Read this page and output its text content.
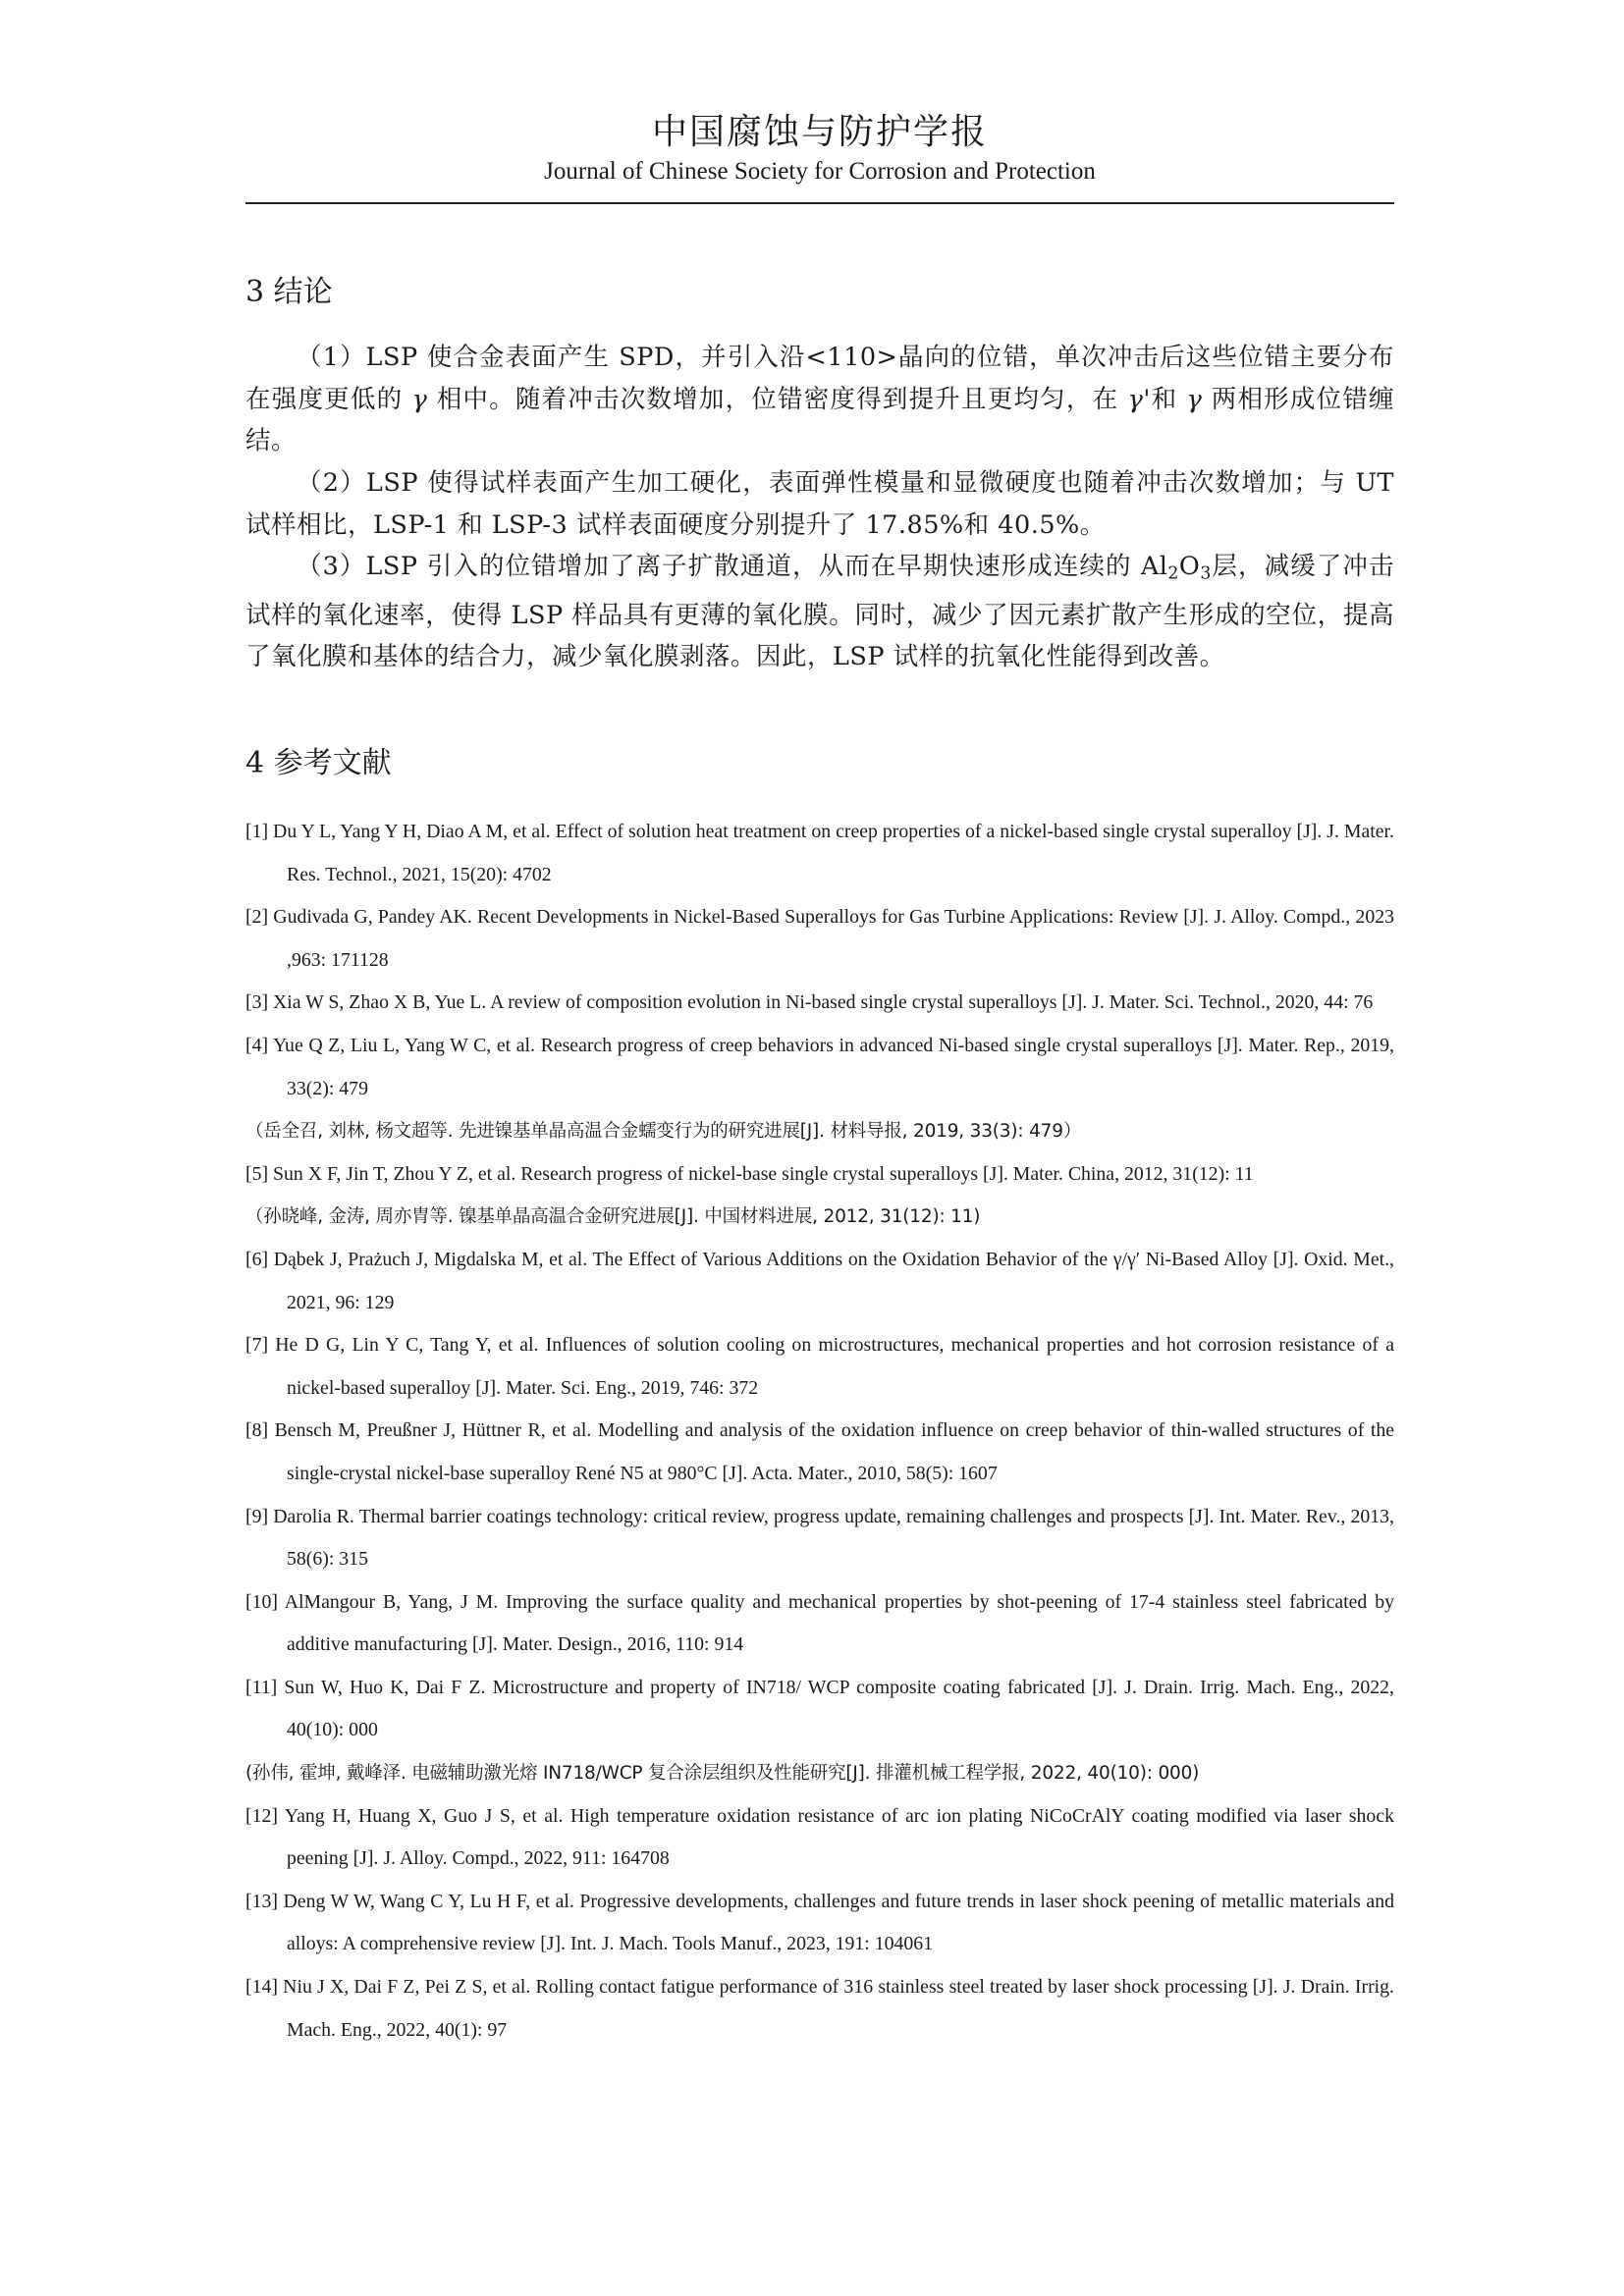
中国腐蚀与防护学报
Journal of Chinese Society for Corrosion and Protection
3 结论
（1）LSP 使合金表面产生 SPD，并引入沿<110>晶向的位错，单次冲击后这些位错主要分布在强度更低的 γ 相中。随着冲击次数增加，位错密度得到提升且更均匀，在 γ'和 γ 两相形成位错缠结。
（2）LSP 使得试样表面产生加工硬化，表面弹性模量和显微硬度也随着冲击次数增加；与 UT 试样相比，LSP-1 和 LSP-3 试样表面硬度分别提升了 17.85%和 40.5%。
（3）LSP 引入的位错增加了离子扩散通道，从而在早期快速形成连续的 $Al_2O_3$层，减缓了冲击试样的氧化速率，使得 LSP 样品具有更薄的氧化膜。同时，减少了因元素扩散产生形成的空位，提高了氧化膜和基体的结合力，减少氧化膜剥落。因此，LSP 试样的抗氧化性能得到改善。
4 参考文献
[1] Du Y L, Yang Y H, Diao A M, et al. Effect of solution heat treatment on creep properties of a nickel-based single crystal superalloy [J]. J. Mater. Res. Technol., 2021, 15(20): 4702
[2] Gudivada G, Pandey AK. Recent Developments in Nickel-Based Superalloys for Gas Turbine Applications: Review [J]. J. Alloy. Compd., 2023 ,963: 171128
[3] Xia W S, Zhao X B, Yue L. A review of composition evolution in Ni-based single crystal superalloys [J]. J. Mater. Sci. Technol., 2020, 44: 76
[4] Yue Q Z, Liu L, Yang W C, et al. Research progress of creep behaviors in advanced Ni-based single crystal superalloys [J]. Mater. Rep., 2019, 33(2): 479
（岳全召, 刘林, 杨文超等. 先进镍基单晶高温合金蠕变行为的研究进展[J]. 材料导报, 2019, 33(3): 479）
[5] Sun X F, Jin T, Zhou Y Z, et al. Research progress of nickel-base single crystal superalloys [J]. Mater. China, 2012, 31(12): 11
（孙晓峰, 金涛, 周亦胄等. 镍基单晶高温合金研究进展[J]. 中国材料进展, 2012, 31(12): 11)
[6] Dąbek J, Prażuch J, Migdalska M, et al. The Effect of Various Additions on the Oxidation Behavior of the γ/γ′ Ni-Based Alloy [J]. Oxid. Met., 2021, 96: 129
[7] He D G, Lin Y C, Tang Y, et al. Influences of solution cooling on microstructures, mechanical properties and hot corrosion resistance of a nickel-based superalloy [J]. Mater. Sci. Eng., 2019, 746: 372
[8] Bensch M, Preußner J, Hüttner R, et al. Modelling and analysis of the oxidation influence on creep behavior of thin-walled structures of the single-crystal nickel-base superalloy René N5 at 980°C [J]. Acta. Mater., 2010, 58(5): 1607
[9] Darolia R. Thermal barrier coatings technology: critical review, progress update, remaining challenges and prospects [J]. Int. Mater. Rev., 2013, 58(6): 315
[10] AlMangour B, Yang, J M. Improving the surface quality and mechanical properties by shot-peening of 17-4 stainless steel fabricated by additive manufacturing [J]. Mater. Design., 2016, 110: 914
[11] Sun W, Huo K, Dai F Z. Microstructure and property of IN718/ WCP composite coating fabricated [J]. J. Drain. Irrig. Mach. Eng., 2022, 40(10): 000
(孙伟, 霍坤, 戴峰泽. 电磁辅助激光熔 IN718/WCP 复合涂层组织及性能研究[J]. 排灌机械工程学报, 2022, 40(10): 000)
[12] Yang H, Huang X, Guo J S, et al. High temperature oxidation resistance of arc ion plating NiCoCrAlY coating modified via laser shock peening [J]. J. Alloy. Compd., 2022, 911: 164708
[13] Deng W W, Wang C Y, Lu H F, et al. Progressive developments, challenges and future trends in laser shock peening of metallic materials and alloys: A comprehensive review [J]. Int. J. Mach. Tools Manuf., 2023, 191: 104061
[14] Niu J X, Dai F Z, Pei Z S, et al. Rolling contact fatigue performance of 316 stainless steel treated by laser shock processing [J]. J. Drain. Irrig. Mach. Eng., 2022, 40(1): 97
